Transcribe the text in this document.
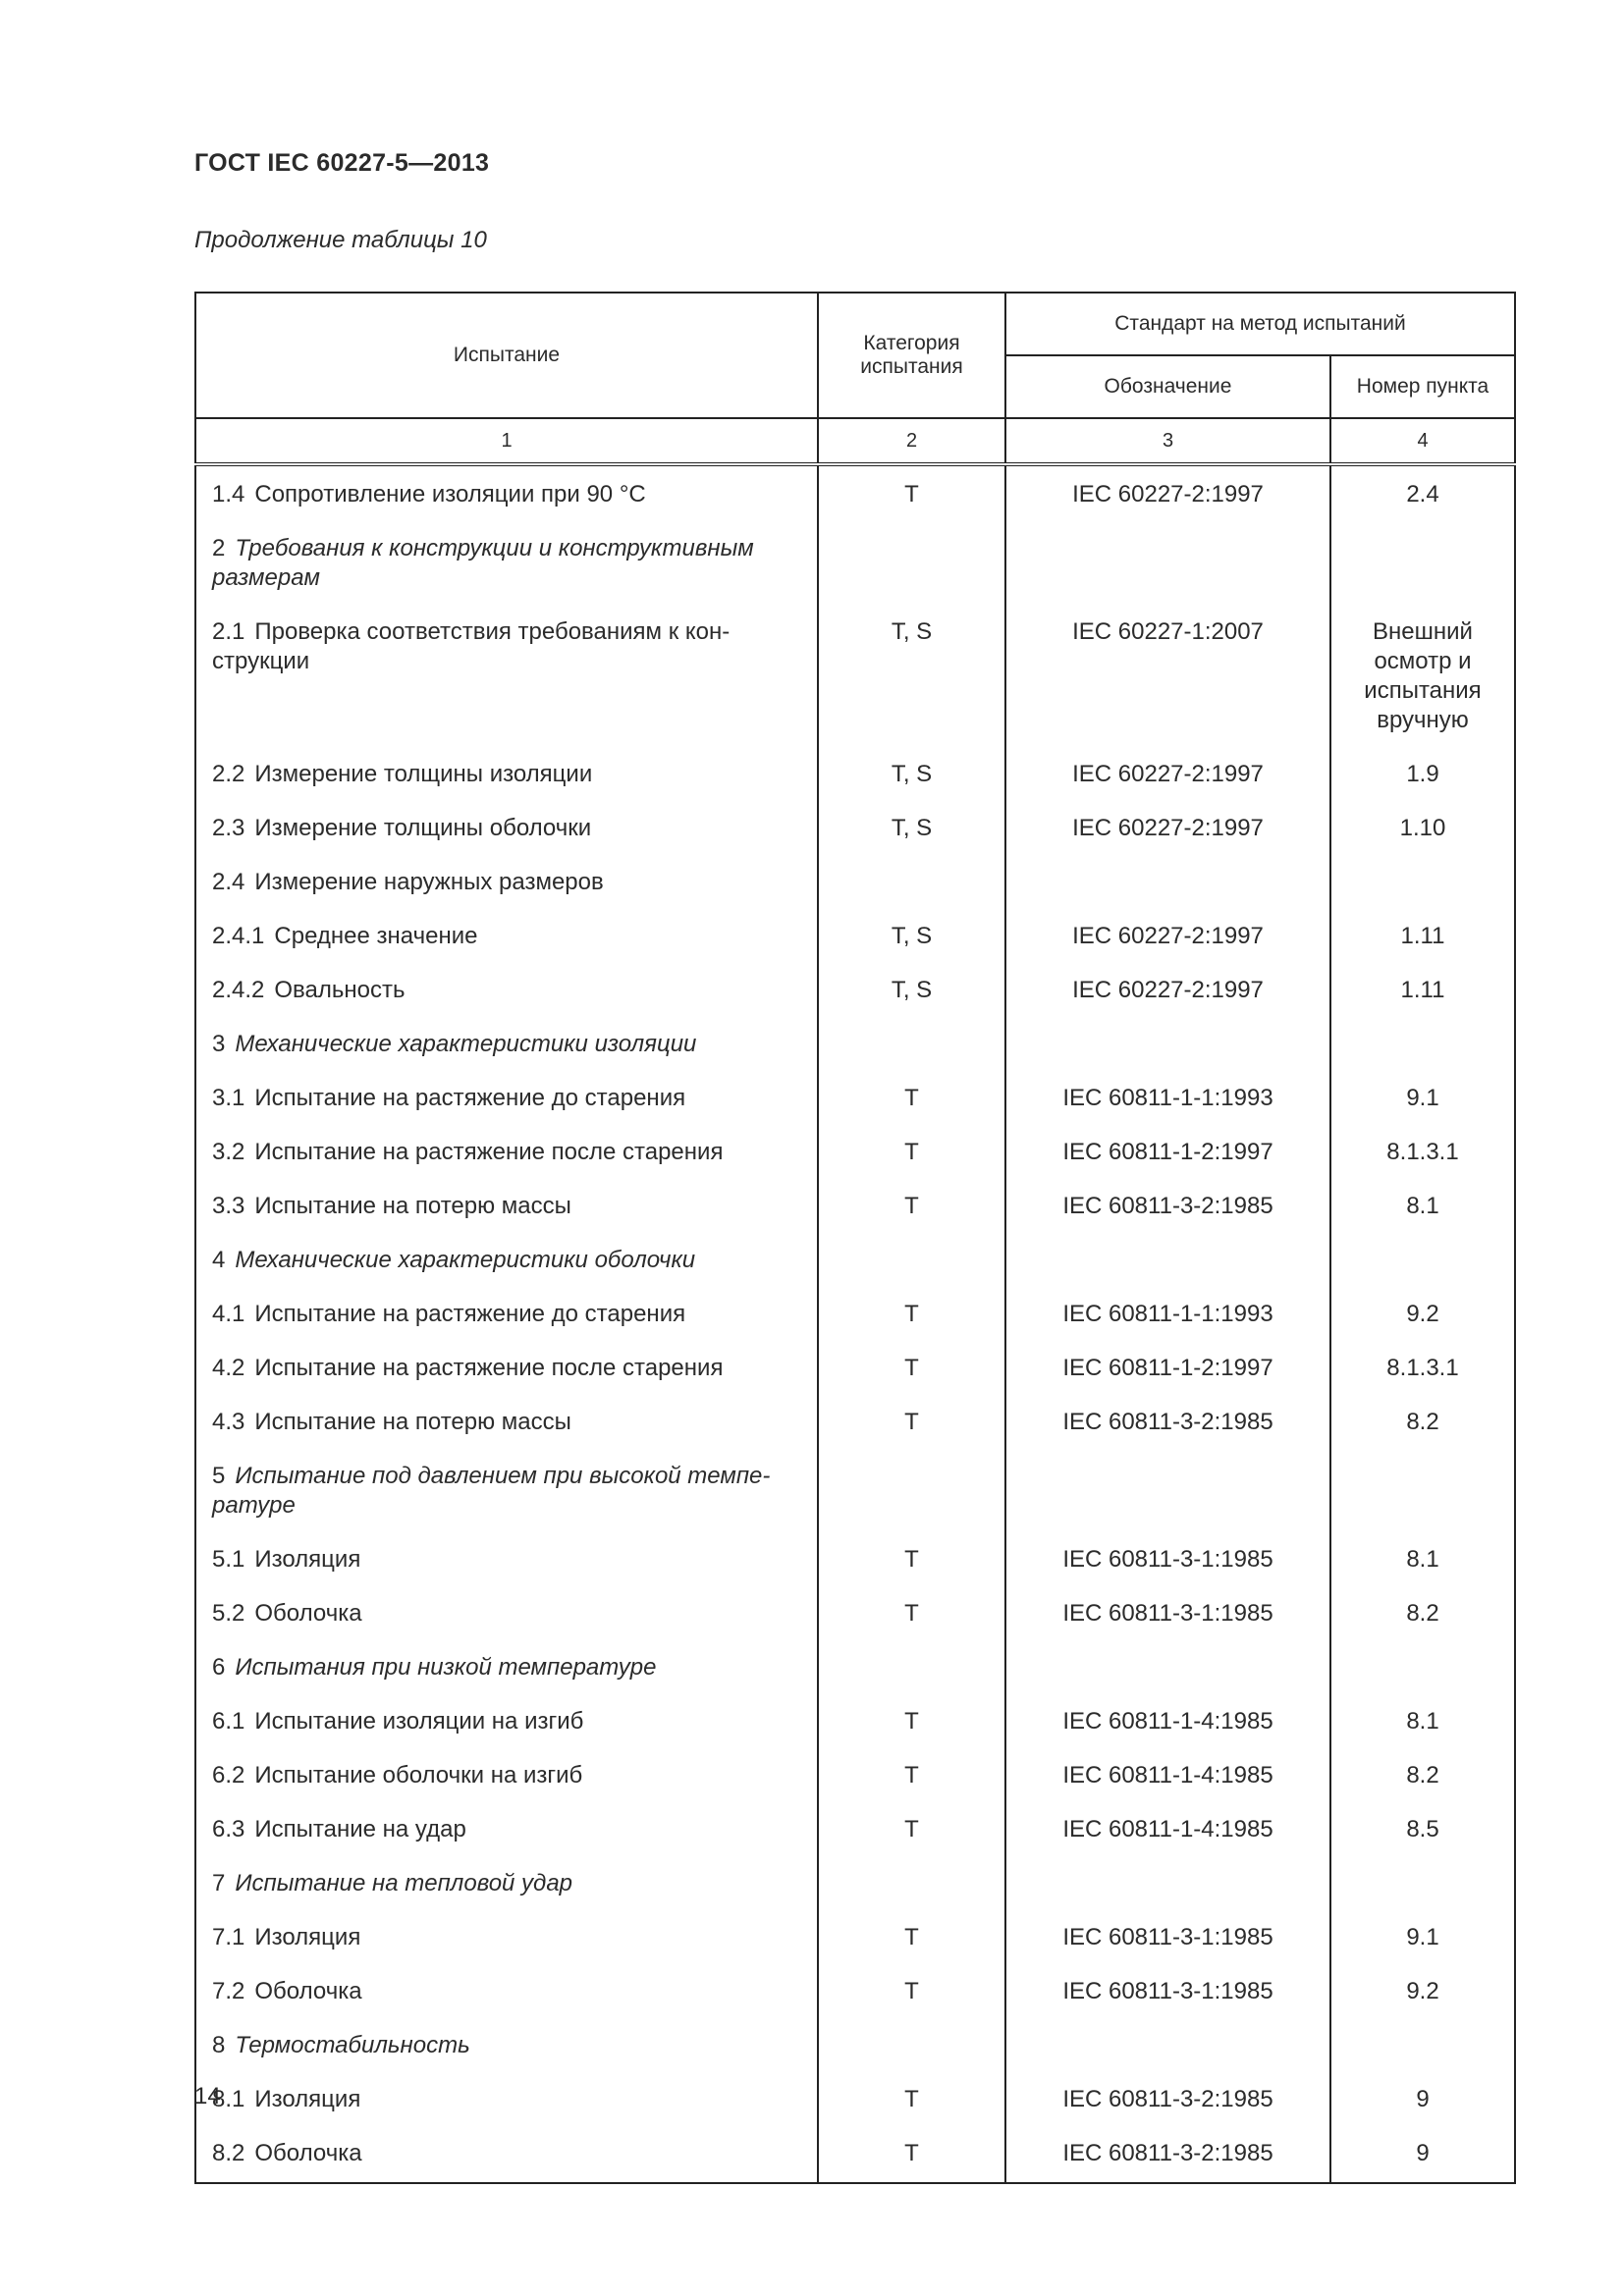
ГОСТ IEC 60227-5—2013
Продолжение таблицы 10
Испытание	Категория испытания	Стандарт на метод испытаний	
		Обозначение	Номер пункта
1	2	3	4
1.4 Сопротивление изоляции при 90 °С	T	IEC 60227-2:1997	2.4
2 Требования к конструкции и конструктивным размерам			
2.1 Проверка соответствия требованиям к кон-струкции	T, S	IEC 60227-1:2007	Внешний осмотр и испытания вручную
2.2 Измерение толщины изоляции	T, S	IEC 60227-2:1997	1.9
2.3 Измерение толщины оболочки	T, S	IEC 60227-2:1997	1.10
2.4 Измерение наружных размеров			
2.4.1 Среднее значение	T, S	IEC 60227-2:1997	1.11
2.4.2 Овальность	T, S	IEC 60227-2:1997	1.11
3 Механические характеристики изоляции			
3.1 Испытание на растяжение до старения	T	IEC 60811-1-1:1993	9.1
3.2 Испытание на растяжение после старения	T	IEC 60811-1-2:1997	8.1.3.1
3.3 Испытание на потерю массы	T	IEC 60811-3-2:1985	8.1
4 Механические характеристики оболочки			
4.1 Испытание на растяжение до старения	T	IEC 60811-1-1:1993	9.2
4.2 Испытание на растяжение после старения	T	IEC 60811-1-2:1997	8.1.3.1
4.3 Испытание на потерю массы	T	IEC 60811-3-2:1985	8.2
5 Испытание под давлением при высокой темпе-ратуре			
5.1 Изоляция	T	IEC 60811-3-1:1985	8.1
5.2 Оболочка	T	IEC 60811-3-1:1985	8.2
6 Испытания при низкой температуре			
6.1 Испытание изоляции на изгиб	T	IEC 60811-1-4:1985	8.1
6.2 Испытание оболочки на изгиб	T	IEC 60811-1-4:1985	8.2
6.3 Испытание на удар	T	IEC 60811-1-4:1985	8.5
7 Испытание на тепловой удар			
7.1 Изоляция	T	IEC 60811-3-1:1985	9.1
7.2 Оболочка	T	IEC 60811-3-1:1985	9.2
8 Термостабильность			
8.1 Изоляция	T	IEC 60811-3-2:1985	9
8.2 Оболочка	T	IEC 60811-3-2:1985	9
14
